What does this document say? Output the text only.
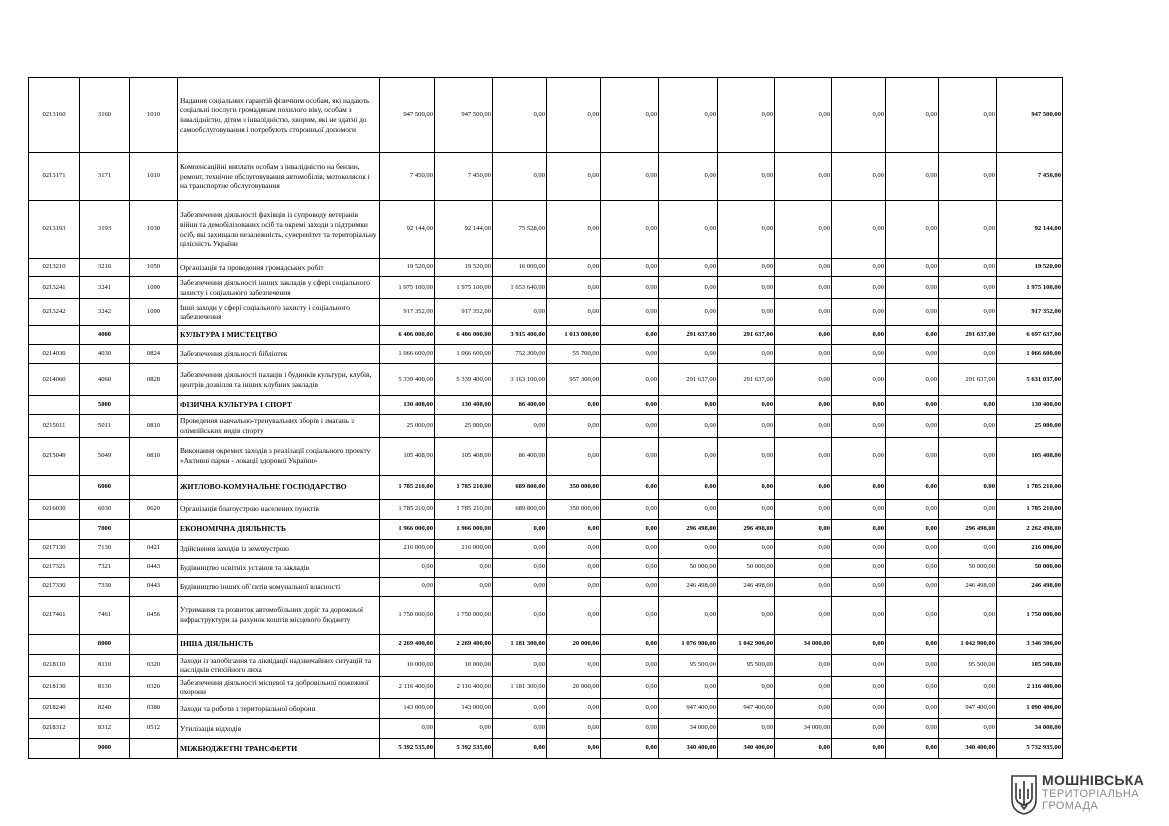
0213160	3160	1010	Надання соціальних гарантій фізичним особам, які надають соціальні послуги громадянам похилого віку, особам з інвалідністю, дітям з інвалідністю, хворим, які не здатні до самообслуговування і потребують сторонньої допомоги	947 500,00	947 500,00	0,00	0,00	0,00	0,00	0,00	0,00	0,00	0,00	0,00	947 500,00
0213171	3171	1010	Компенсаційні виплати особам з інвалідністю на бензин, ремонт, технічне обслуговування автомобілів, мотоколясок і на транспортне обслуговування	7 450,00	7 450,00	0,00	0,00	0,00	0,00	0,00	0,00	0,00	0,00	0,00	7 450,00
0213193	3193	1030	Забезпечення діяльності фахівців із супроводу ветеранів війни та демобілізованих осіб та окремі заходи з підтримки осіб, які захищали незалежність, суверенітет та територіальну цілісність України	92 144,00	92 144,00	75 528,00	0,00	0,00	0,00	0,00	0,00	0,00	0,00	0,00	92 144,00
0213210	3210	1050	Організація та проведення громадських робіт	19 520,00	19 520,00	16 000,00	0,00	0,00	0,00	0,00	0,00	0,00	0,00	0,00	19 520,00
0213241	3241	1090	Забезпечення діяльності інших закладів у сфері соціального захисту і соціального забезпечення	1 975 100,00	1 975 100,00	1 653 640,00	0,00	0,00	0,00	0,00	0,00	0,00	0,00	0,00	1 975 100,00
0213242	3242	1090	Інші заходи у сфері соціального захисту і соціального забезпечення	917 352,00	917 352,00	0,00	0,00	0,00	0,00	0,00	0,00	0,00	0,00	0,00	917 352,00
	4000		КУЛЬТУРА І МИСТЕЦТВО	6 406 000,00	6 406 000,00	3 915 400,00	1 013 000,00	0,00	291 637,00	291 637,00	0,00	0,00	0,00	291 637,00	6 697 637,00
0214030	4030	0824	Забезпечення діяльності бібліотек	1 066 600,00	1 066 600,00	752 300,00	55 700,00	0,00	0,00	0,00	0,00	0,00	0,00	0,00	1 066 600,00
0214060	4060	0828	Забезпечення діяльності палаців i будинків культури, клубів, центрів дозвілля та iнших клубних закладів	5 339 400,00	5 339 400,00	3 163 100,00	957 300,00	0,00	291 637,00	291 637,00	0,00	0,00	0,00	291 637,00	5 631 037,00
	5000		ФІЗИЧНА КУЛЬТУРА І СПОРТ	130 408,00	130 408,00	86 400,00	0,00	0,00	0,00	0,00	0,00	0,00	0,00	0,00	130 408,00
0215011	5011	0810	Проведення навчально-тренувальних зборів і змагань з олімпійських видів спорту	25 000,00	25 000,00	0,00	0,00	0,00	0,00	0,00	0,00	0,00	0,00	0,00	25 000,00
0215049	5049	0810	Виконання окремих заходів з реалізації соціального проекту «Активні парки - локації здорової України»	105 408,00	105 408,00	86 400,00	0,00	0,00	0,00	0,00	0,00	0,00	0,00	0,00	105 408,00
	6000		ЖИТЛОВО-КОМУНАЛЬНЕ ГОСПОДАРСТВО	1 785 210,00	1 785 210,00	689 800,00	350 000,00	0,00	0,00	0,00	0,00	0,00	0,00	0,00	1 785 210,00
0216030	6030	0620	Організація благоустрою населених пунктів	1 785 210,00	1 785 210,00	689 800,00	350 000,00	0,00	0,00	0,00	0,00	0,00	0,00	0,00	1 785 210,00
	7000		ЕКОНОМІЧНА ДІЯЛЬНІСТЬ	1 966 000,00	1 966 000,00	0,00	0,00	0,00	296 498,00	296 498,00	0,00	0,00	0,00	296 498,00	2 262 498,00
0217130	7130	0421	Здійснення заходів із землеустрою	216 000,00	216 000,00	0,00	0,00	0,00	0,00	0,00	0,00	0,00	0,00	0,00	216 000,00
0217321	7321	0443	Будівництво освітніх установ та закладів	0,00	0,00	0,00	0,00	0,00	50 000,00	50 000,00	0,00	0,00	0,00	50 000,00	50 000,00
0217330	7330	0443	Будівництво інших об`єктів комунальної власності	0,00	0,00	0,00	0,00	0,00	246 498,00	246 498,00	0,00	0,00	0,00	246 498,00	246 498,00
0217461	7461	0456	Утримання та розвиток автомобільних доріг та дорожньої інфраструктури за рахунок коштів місцевого бюджету	1 750 000,00	1 750 000,00	0,00	0,00	0,00	0,00	0,00	0,00	0,00	0,00	0,00	1 750 000,00
	8000		ІНША ДІЯЛЬНІСТЬ	2 269 400,00	2 269 400,00	1 181 300,00	20 000,00	0,00	1 076 900,00	1 042 900,00	34 000,00	0,00	0,00	1 042 900,00	3 346 300,00
0218110	8110	0320	Заходи із запобігання та ліквідації надзвичайних ситуацій та наслідків стихійного лиха	10 000,00	10 000,00	0,00	0,00	0,00	95 500,00	95 500,00	0,00	0,00	0,00	95 500,00	105 500,00
0218130	8130	0320	Забезпечення діяльності місцевої та добровільної пожежної охорони	2 116 400,00	2 116 400,00	1 181 300,00	20 000,00	0,00	0,00	0,00	0,00	0,00	0,00	0,00	2 116 400,00
0218240	8240	0380	Заходи та роботи з територіальної оборони	143 000,00	143 000,00	0,00	0,00	0,00	947 400,00	947 400,00	0,00	0,00	0,00	947 400,00	1 090 400,00
0218312	8312	0512	Утилізація відходів	0,00	0,00	0,00	0,00	0,00	34 000,00	0,00	34 000,00	0,00	0,00	0,00	34 000,00
	9000		МІЖБЮДЖЕТНІ ТРАНСФЕРТИ	5 392 535,00	5 392 535,00	0,00	0,00	0,00	340 400,00	340 400,00	0,00	0,00	0,00	340 400,00	5 732 935,00
МОШНІВСЬКА
ТЕРИТОРІАЛЬНА
ГРОМАДА
